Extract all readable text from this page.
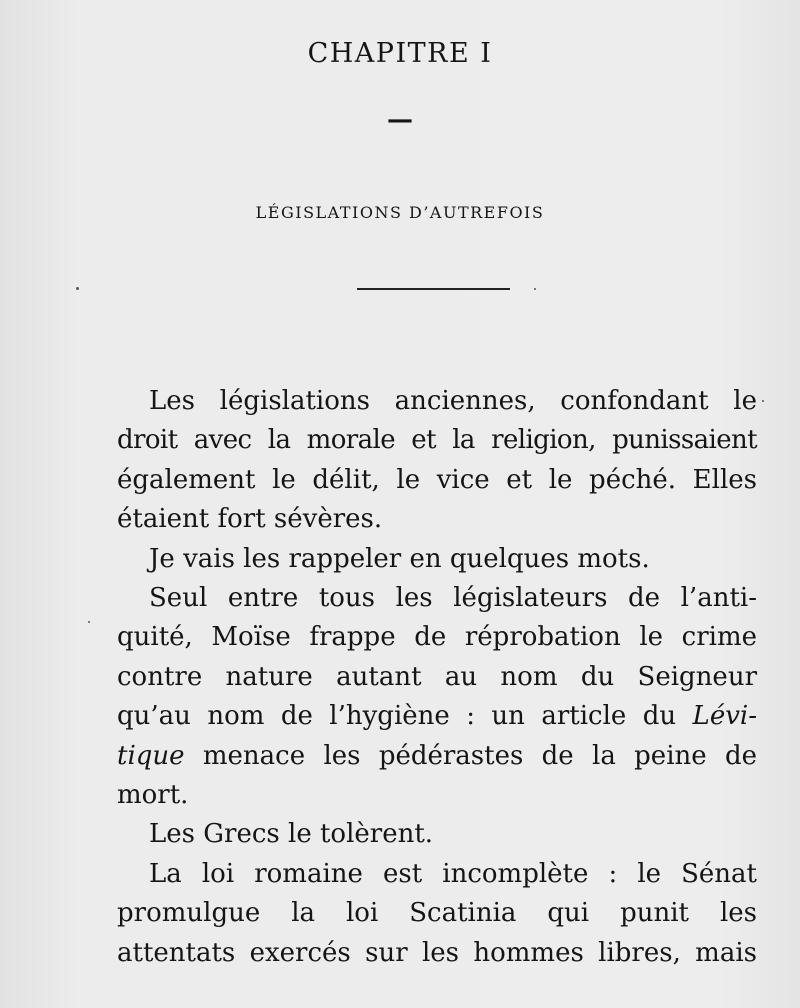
CHAPITRE I
—
LÉGISLATIONS D’AUTREFOIS
Les législations anciennes, confondant le
droit avec la morale et la religion, punissaient
également le délit, le vice et le péché. Elles
étaient fort sévères.
Je vais les rappeler en quelques mots.
Seul entre tous les législateurs de l’anti-
quité, Moïse frappe de réprobation le crime
contre nature autant au nom du Seigneur
qu’au nom de l’hygiène : un article du Lévi-
tique menace les pédérastes de la peine de
mort.
Les Grecs le tolèrent.
La loi romaine est incomplète : le Sénat
promulgue la loi Scatinia qui punit les
attentats exercés sur les hommes libres, mais
